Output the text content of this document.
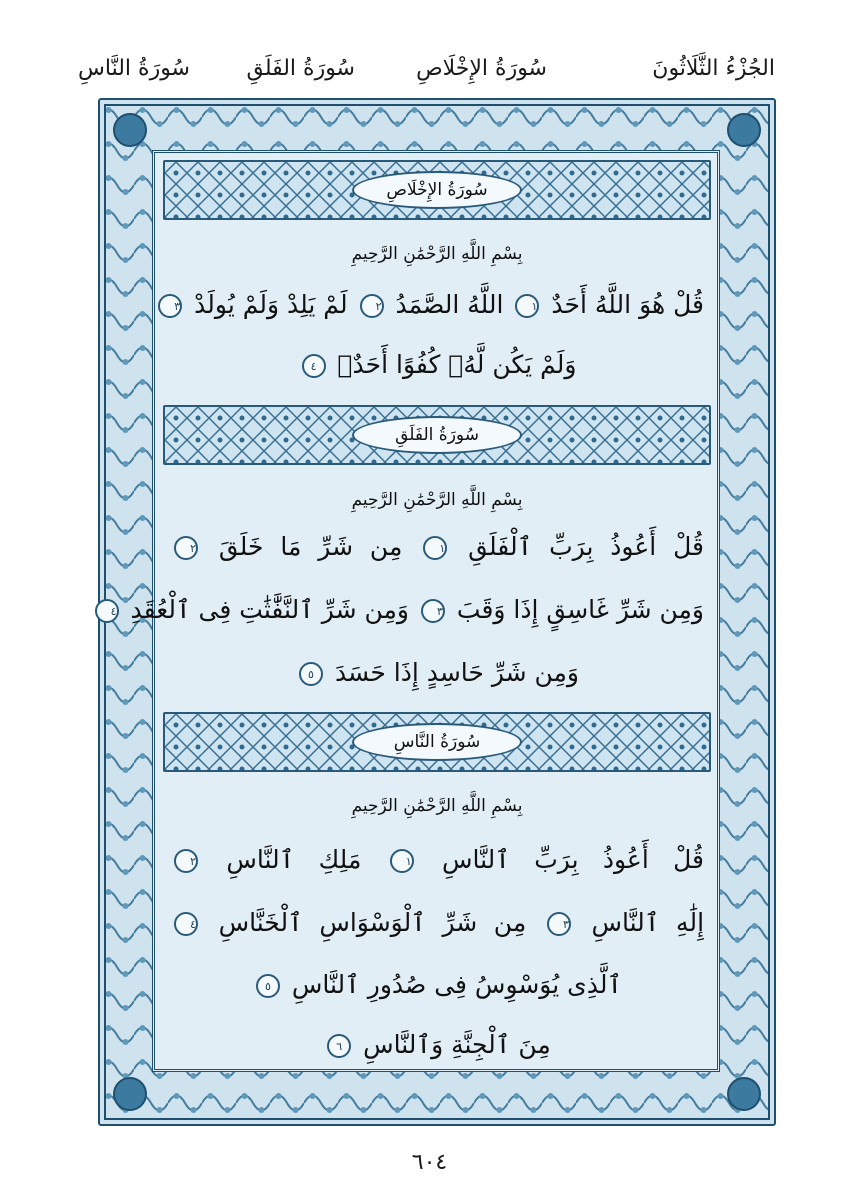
الجُزْءُ الثَّلَاثُونَ
سُورَةُ الإِخْلَاصِ
سُورَةُ الفَلَقِ
سُورَةُ النَّاسِ
سُورَةُ الإِخْلَاصِ
بِسْمِ اللَّهِ الرَّحْمَٰنِ الرَّحِيمِ
قُلْ هُوَ اللَّهُ أَحَدٌ ١ اللَّهُ الصَّمَدُ ٢ لَمْ يَلِدْ وَلَمْ يُولَدْ ٣
وَلَمْ يَكُن لَّهُۥ كُفُوًا أَحَدٌۢ ٤
سُورَةُ الفَلَقِ
بِسْمِ اللَّهِ الرَّحْمَٰنِ الرَّحِيمِ
قُلْ أَعُوذُ بِرَبِّ ٱلْفَلَقِ ١ مِن شَرِّ مَا خَلَقَ ٢
وَمِن شَرِّ غَاسِقٍ إِذَا وَقَبَ ٣ وَمِن شَرِّ ٱلنَّفَّٰثَٰتِ فِى ٱلْعُقَدِ ٤
وَمِن شَرِّ حَاسِدٍ إِذَا حَسَدَ ٥
سُورَةُ النَّاسِ
بِسْمِ اللَّهِ الرَّحْمَٰنِ الرَّحِيمِ
قُلْ أَعُوذُ بِرَبِّ ٱلنَّاسِ ١ مَلِكِ ٱلنَّاسِ ٢
إِلَٰهِ ٱلنَّاسِ ٣ مِن شَرِّ ٱلْوَسْوَاسِ ٱلْخَنَّاسِ ٤
ٱلَّذِى يُوَسْوِسُ فِى صُدُورِ ٱلنَّاسِ ٥
مِنَ ٱلْجِنَّةِ وَٱلنَّاسِ ٦
٦٠٤
